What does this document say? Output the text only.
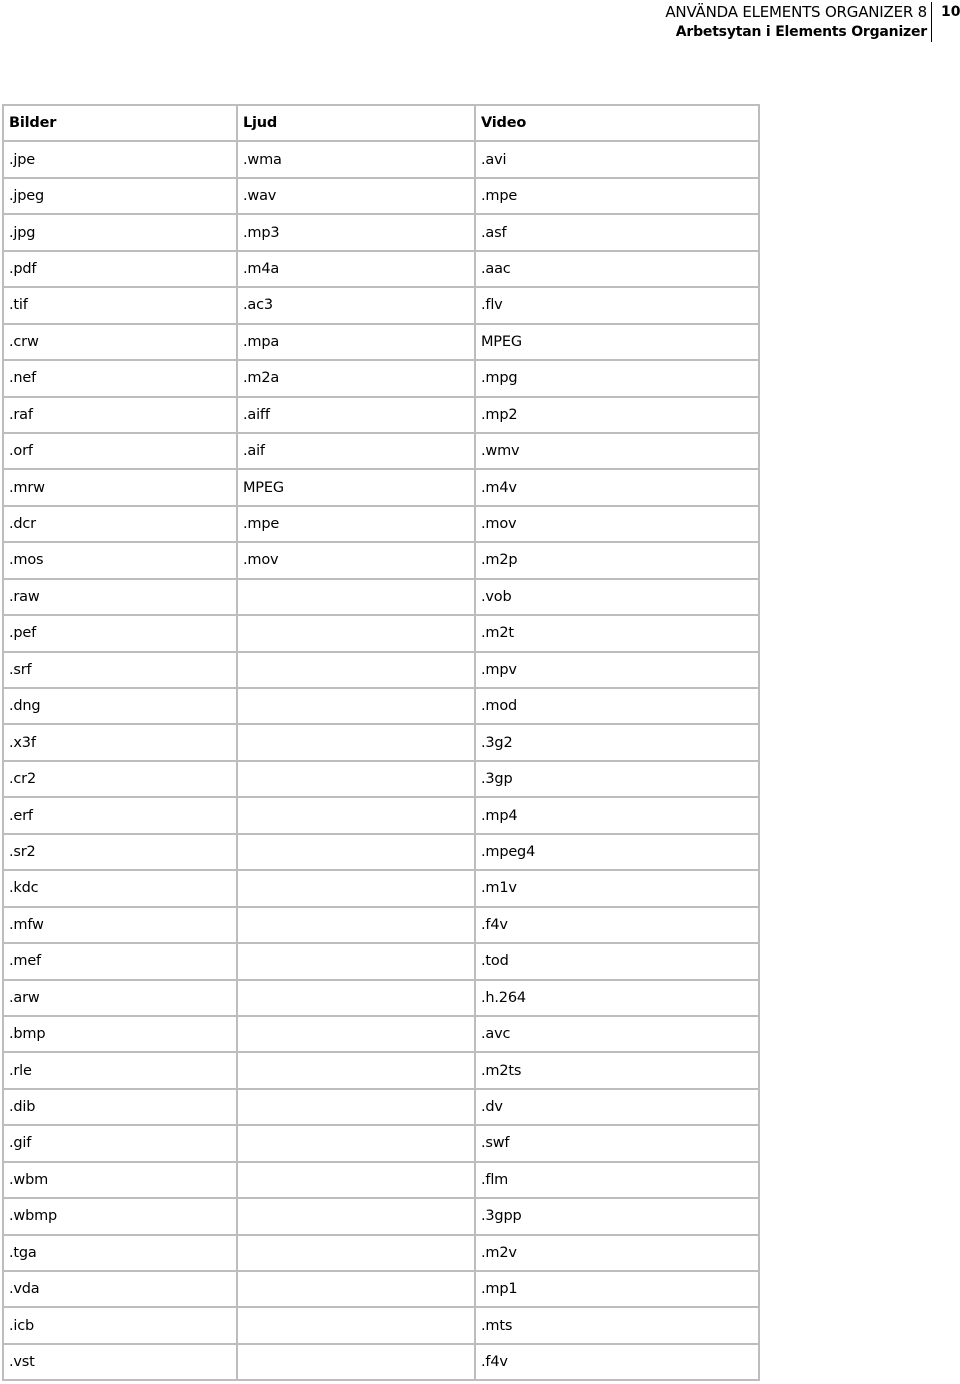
ANVÄNDA ELEMENTS ORGANIZER 8
Arbetsytan i Elements Organizer
10
Bilder	Ljud	Video
.jpe	.wma	.avi
.jpeg	.wav	.mpe
.jpg	.mp3	.asf
.pdf	.m4a	.aac
.tif	.ac3	.flv
.crw	.mpa	MPEG
.nef	.m2a	.mpg
.raf	.aiff	.mp2
.orf	.aif	.wmv
.mrw	MPEG	.m4v
.dcr	.mpe	.mov
.mos	.mov	.m2p
.raw		.vob
.pef		.m2t
.srf		.mpv
.dng		.mod
.x3f		.3g2
.cr2		.3gp
.erf		.mp4
.sr2		.mpeg4
.kdc		.m1v
.mfw		.f4v
.mef		.tod
.arw		.h.264
.bmp		.avc
.rle		.m2ts
.dib		.dv
.gif		.swf
.wbm		.flm
.wbmp		.3gpp
.tga		.m2v
.vda		.mp1
.icb		.mts
.vst		.f4v
